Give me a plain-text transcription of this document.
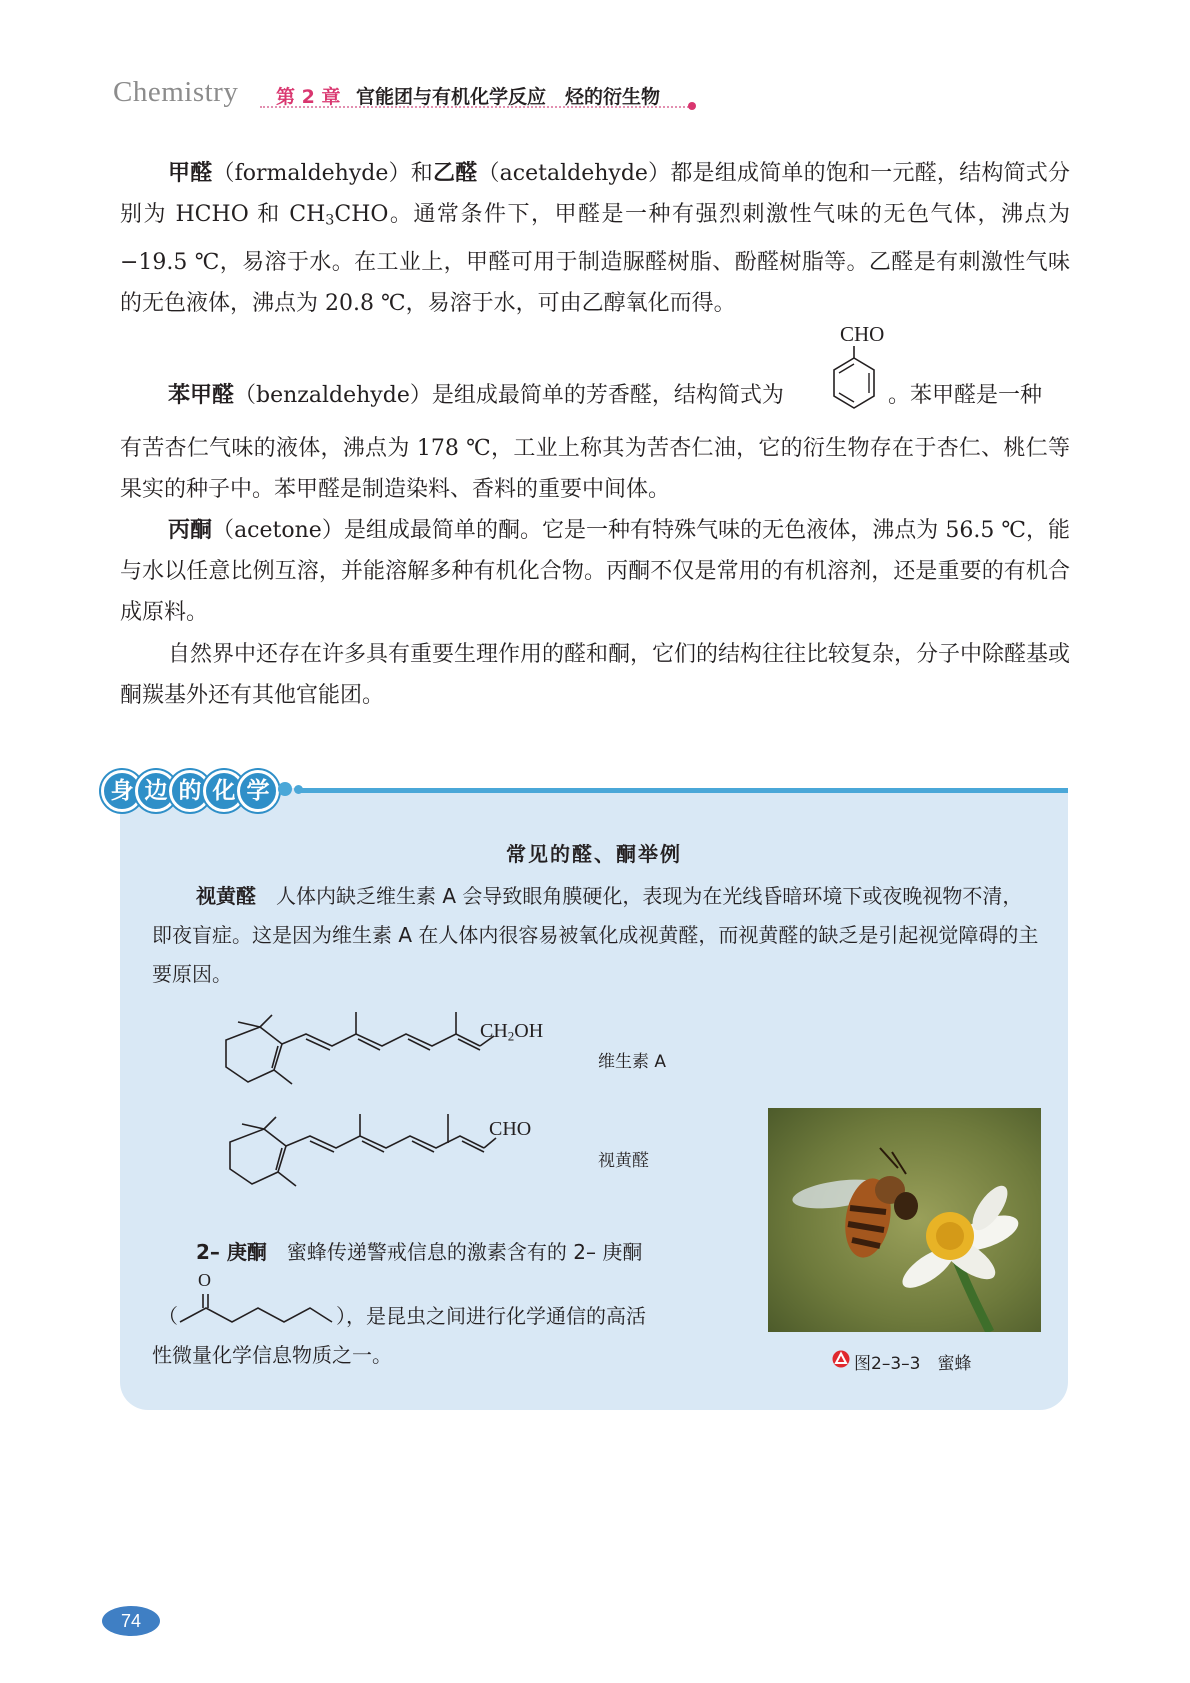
Chemistry 第 2 章 官能团与有机化学反应　烃的衍生物
甲醛（formaldehyde）和乙醛（acetaldehyde）都是组成简单的饱和一元醛，结构简式分别为 HCHO 和 $CH_3CHO$。通常条件下，甲醛是一种有强烈刺激性气味的无色气体，沸点为 −19.5 ℃，易溶于水。在工业上，甲醛可用于制造脲醛树脂、酚醛树脂等。乙醛是有刺激性气味的无色液体，沸点为 20.8 ℃，易溶于水，可由乙醇氧化而得。
CHO
苯甲醛（benzaldehyde）是组成最简单的芳香醛，结构简式为	。苯甲醛是一种
有苦杏仁气味的液体，沸点为 178 ℃，工业上称其为苦杏仁油，它的衍生物存在于杏仁、桃仁等果实的种子中。苯甲醛是制造染料、香料的重要中间体。
丙酮（acetone）是组成最简单的酮。它是一种有特殊气味的无色液体，沸点为 56.5 ℃，能与水以任意比例互溶，并能溶解多种有机化合物。丙酮不仅是常用的有机溶剂，还是重要的有机合成原料。
自然界中还存在许多具有重要生理作用的醛和酮，它们的结构往往比较复杂，分子中除醛基或酮羰基外还有其他官能团。
身 边 的 化 学
常见的醛、酮举例
视黄醛　 人体内缺乏维生素 A 会导致眼角膜硬化，表现为在光线昏暗环境下或夜晚视物不清，即夜盲症。这是因为维生素 A 在人体内很容易被氧化成视黄醛，而视黄醛的缺乏是引起视觉障碍的主要原因。
$CH_2OH$
维生素 A
CHO
视黄醛
2– 庚酮　 蜜蜂传递警戒信息的激素含有的 2– 庚酮
O
（	），是昆虫之间进行化学通信的高活
性微量化学信息物质之一。	图2–3–3　蜜蜂
74
